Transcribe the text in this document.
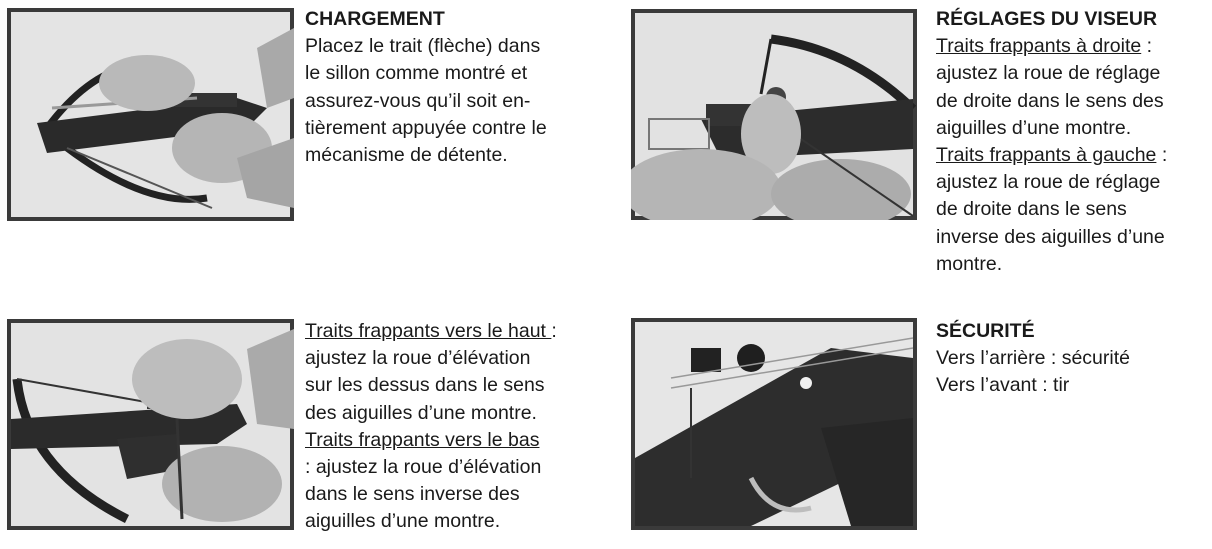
CHARGEMENT
Placez le trait (flèche) dans
le sillon comme montré et
assurez-vous qu’il soit en-
tièrement appuyée contre le
mécanisme de détente.
RÉGLAGES DU VISEUR
Traits frappants à droite :
ajustez la roue de réglage
de droite dans le sens des
aiguilles d’une montre.
Traits frappants à gauche :
ajustez la roue de réglage
de droite dans le sens
inverse des aiguilles d’une
montre.
Traits frappants vers le haut :
ajustez la roue d’élévation
sur les dessus dans le sens
des aiguilles d’une montre.
Traits frappants vers le bas
: ajustez la roue d’élévation
dans le sens inverse des
aiguilles d’une montre.
SÉCURITÉ
Vers l’arrière : sécurité
Vers l’avant : tir
